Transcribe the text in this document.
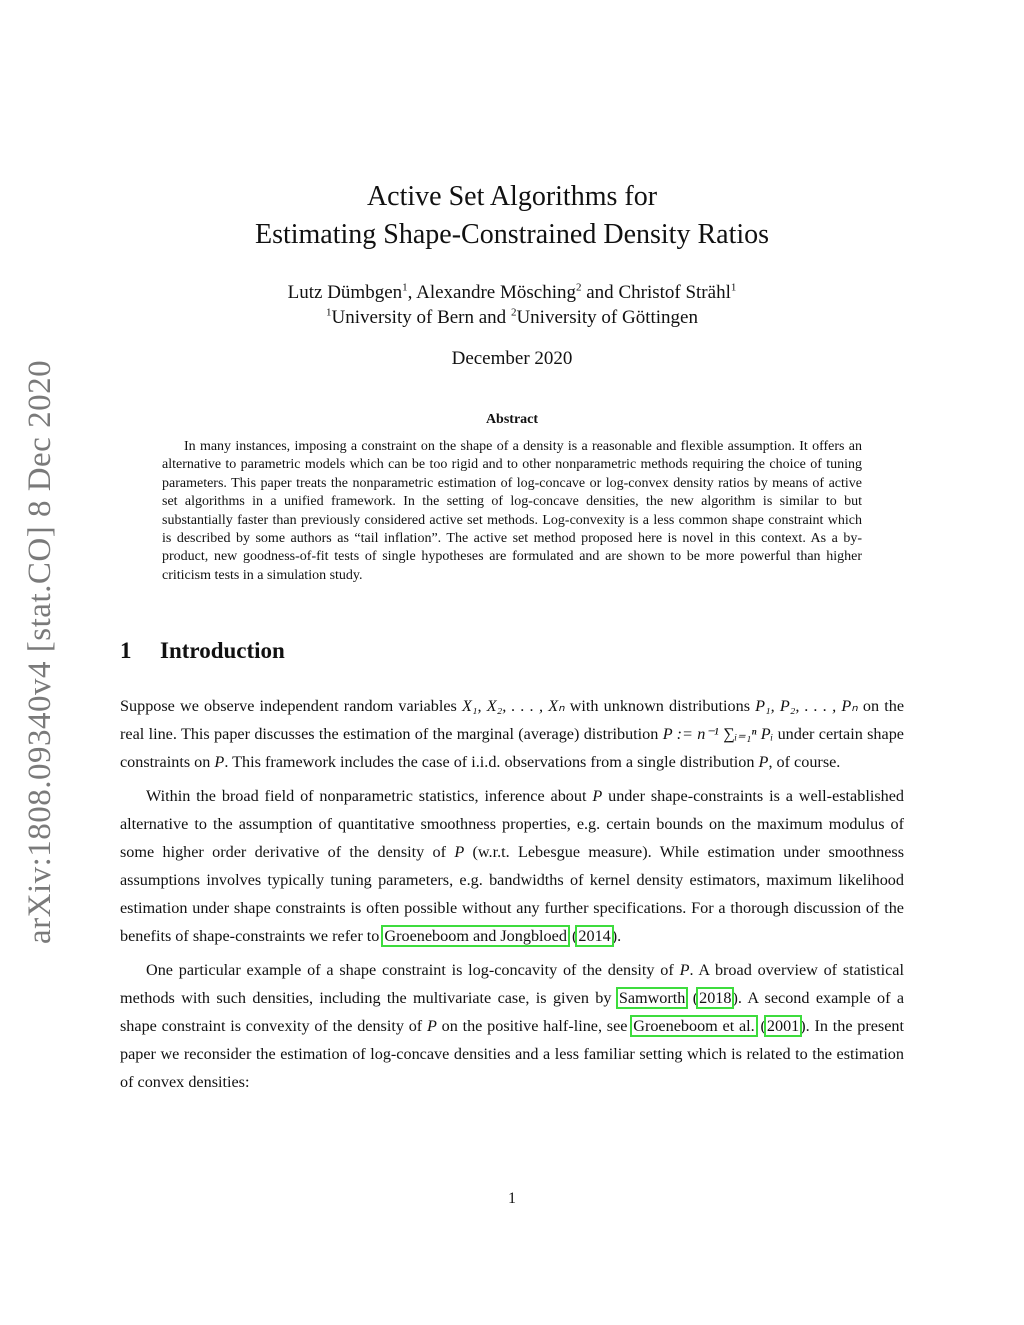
arXiv:1808.09340v4 [stat.CO] 8 Dec 2020
Active Set Algorithms for
Estimating Shape-Constrained Density Ratios
Lutz Dümbgen$^1$, Alexandre Mösching$^2$ and Christof Strähl$^1$
$^1$University of Bern and $^2$University of Göttingen
December 2020
Abstract

In many instances, imposing a constraint on the shape of a density is a reasonable and flexible assumption. It offers an alternative to parametric models which can be too rigid and to other nonparametric methods requiring the choice of tuning parameters. This paper treats the nonparametric estimation of log-concave or log-convex density ratios by means of active set algorithms in a unified framework. In the setting of log-concave densities, the new algorithm is similar to but substantially faster than previously considered active set methods. Log-convexity is a less common shape constraint which is described by some authors as “tail inflation”. The active set method proposed here is novel in this context. As a by-product, new goodness-of-fit tests of single hypotheses are formulated and are shown to be more powerful than higher criticism tests in a simulation study.

1 Introduction

Suppose we observe independent random variables X₁, X₂, . . . , Xₙ with unknown distributions P₁, P₂, . . . , Pₙ on the real line. This paper discusses the estimation of the marginal (average) distribution P := n⁻¹ ∑ᵢ₌₁ⁿ Pᵢ under certain shape constraints on P. This framework includes the case of i.i.d. observations from a single distribution P, of course.

Within the broad field of nonparametric statistics, inference about P under shape-constraints is a well-established alternative to the assumption of quantitative smoothness properties, e.g. certain bounds on the maximum modulus of some higher order derivative of the density of P (w.r.t. Lebesgue measure). While estimation under smoothness assumptions involves typically tuning parameters, e.g. bandwidths of kernel density estimators, maximum likelihood estimation under shape constraints is often possible without any further specifications. For a thorough discussion of the benefits of shape-constraints we refer to Groeneboom and Jongbloed (2014).

One particular example of a shape constraint is log-concavity of the density of P. A broad overview of statistical methods with such densities, including the multivariate case, is given by Samworth (2018). A second example of a shape constraint is convexity of the density of P on the positive half-line, see Groeneboom et al. (2001). In the present paper we reconsider the estimation of log-concave densities and a less familiar setting which is related to the estimation of convex densities:

1
